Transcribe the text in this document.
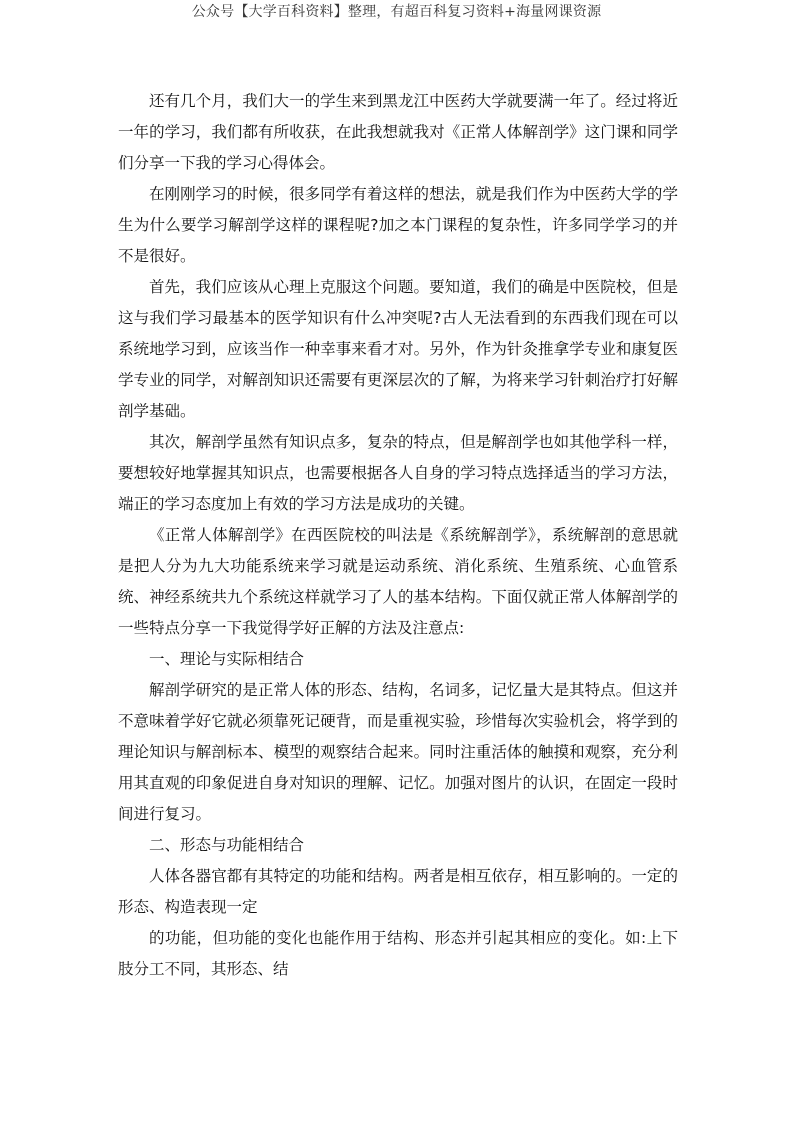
公众号【大学百科资料】整理，有超百科复习资料+海量网课资源

还有几个月，我们大一的学生来到黑龙江中医药大学就要满一年了。经过将近一年的学习，我们都有所收获，在此我想就我对《正常人体解剖学》这门课和同学们分享一下我的学习心得体会。

在刚刚学习的时候，很多同学有着这样的想法，就是我们作为中医药大学的学生为什么要学习解剖学这样的课程呢?加之本门课程的复杂性，许多同学学习的并不是很好。

首先，我们应该从心理上克服这个问题。要知道，我们的确是中医院校，但是这与我们学习最基本的医学知识有什么冲突呢?古人无法看到的东西我们现在可以系统地学习到，应该当作一种幸事来看才对。另外，作为针灸推拿学专业和康复医学专业的同学，对解剖知识还需要有更深层次的了解，为将来学习针刺治疗打好解剖学基础。

其次，解剖学虽然有知识点多，复杂的特点，但是解剖学也如其他学科一样，要想较好地掌握其知识点，也需要根据各人自身的学习特点选择适当的学习方法，端正的学习态度加上有效的学习方法是成功的关键。

《正常人体解剖学》在西医院校的叫法是《系统解剖学》，系统解剖的意思就是把人分为九大功能系统来学习就是运动系统、消化系统、生殖系统、心血管系统、神经系统共九个系统这样就学习了人的基本结构。下面仅就正常人体解剖学的一些特点分享一下我觉得学好正解的方法及注意点:

一、理论与实际相结合

解剖学研究的是正常人体的形态、结构，名词多，记忆量大是其特点。但这并不意味着学好它就必须靠死记硬背，而是重视实验，珍惜每次实验机会，将学到的理论知识与解剖标本、模型的观察结合起来。同时注重活体的触摸和观察，充分利用其直观的印象促进自身对知识的理解、记忆。加强对图片的认识，在固定一段时间进行复习。

二、形态与功能相结合

人体各器官都有其特定的功能和结构。两者是相互依存，相互影响的。一定的形态、构造表现一定

的功能，但功能的变化也能作用于结构、形态并引起其相应的变化。如:上下肢分工不同，其形态、结
